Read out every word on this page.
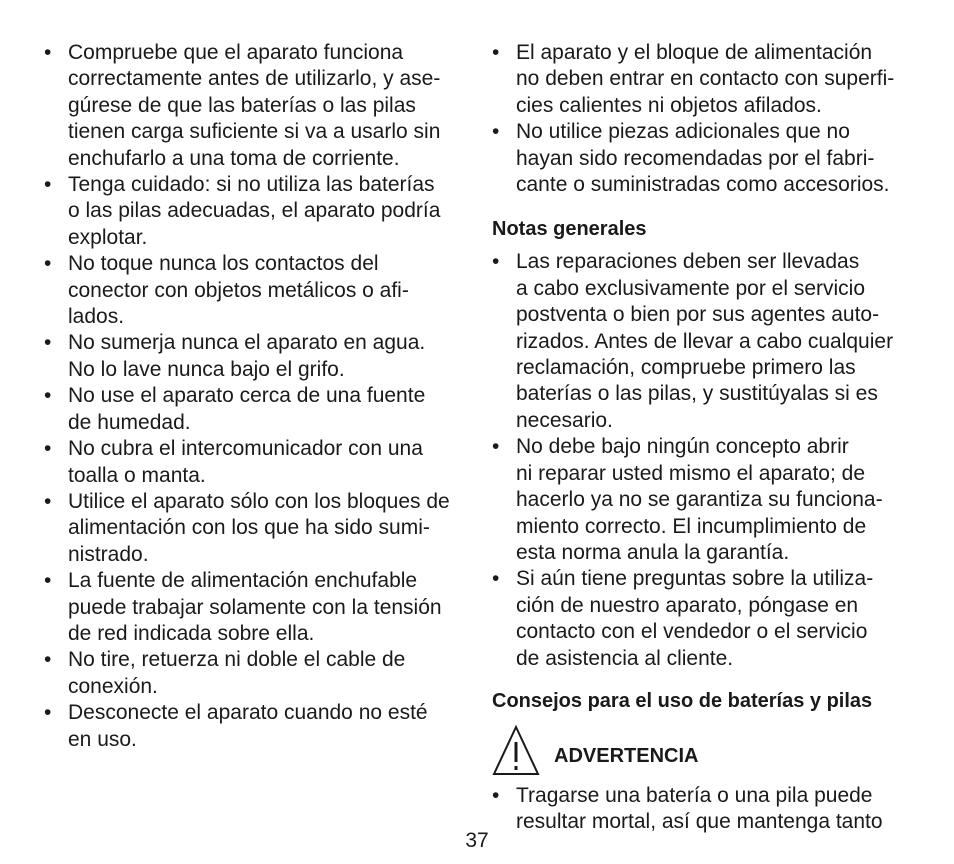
• Compruebe que el aparato funciona
correctamente antes de utilizarlo, y ase-
gúrese de que las baterías o las pilas
tienen carga suficiente si va a usarlo sin
enchufarlo a una toma de corriente.
• Tenga cuidado: si no utiliza las baterías
o las pilas adecuadas, el aparato podría
explotar.
• No toque nunca los contactos del
conector con objetos metálicos o afi-
lados.
• No sumerja nunca el aparato en agua.
No lo lave nunca bajo el grifo.
• No use el aparato cerca de una fuente
de humedad.
• No cubra el intercomunicador con una
toalla o manta.
• Utilice el aparato sólo con los bloques de
alimentación con los que ha sido sumi-
nistrado.
• La fuente de alimentación enchufable
puede trabajar solamente con la tensión
de red indicada sobre ella.
• No tire, retuerza ni doble el cable de
conexión.
• Desconecte el aparato cuando no esté
en uso.
• El aparato y el bloque de alimentación
no deben entrar en contacto con superfi-
cies calientes ni objetos afilados.
• No utilice piezas adicionales que no
hayan sido recomendadas por el fabri-
cante o suministradas como accesorios.
Notas generales
• Las reparaciones deben ser llevadas
a cabo exclusivamente por el servicio
postventa o bien por sus agentes auto-
rizados. Antes de llevar a cabo cualquier
reclamación, compruebe primero las
baterías o las pilas, y sustitúyalas si es
necesario.
• No debe bajo ningún concepto abrir
ni reparar usted mismo el aparato; de
hacerlo ya no se garantiza su funciona-
miento correcto. El incumplimiento de
esta norma anula la garantía.
• Si aún tiene preguntas sobre la utiliza-
ción de nuestro aparato, póngase en
contacto con el vendedor o el servicio
de asistencia al cliente.
Consejos para el uso de baterías y pilas
ADVERTENCIA
• Tragarse una batería o una pila puede
resultar mortal, así que mantenga tanto
37
